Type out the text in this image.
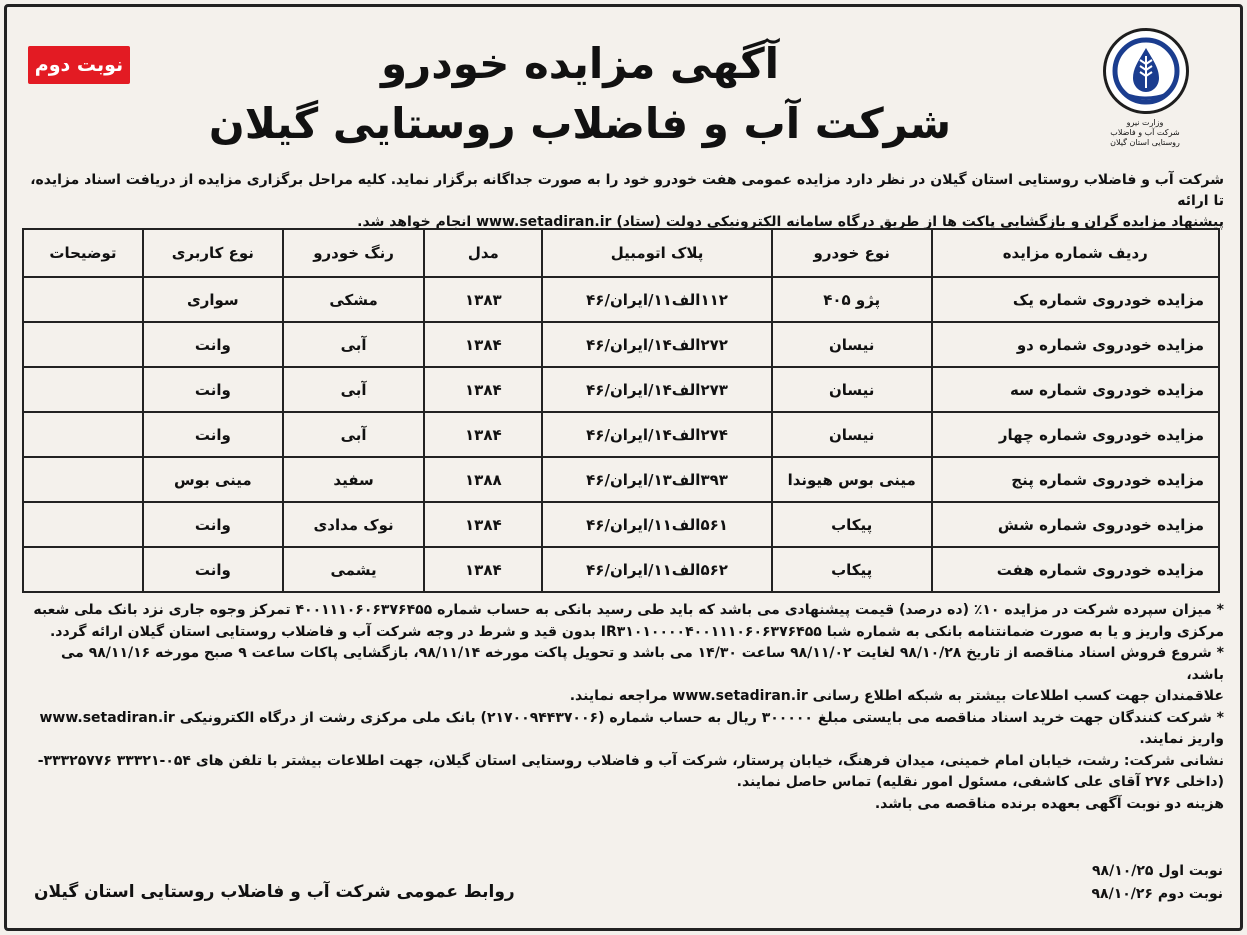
وزارت نیرو
شرکت آب و فاضلاب
روستایی استان گیلان
نوبت دوم	آگهی مزایده خودرو
شرکت آب و فاضلاب روستایی گیلان
شرکت آب و فاضلاب روستایی استان گیلان در نظر دارد مزایده عمومی هفت خودرو خود را به صورت جداگانه برگزار نماید. کلیه مراحل برگزاری مزایده از دریافت اسناد مزایده، تا ارائه
پیشنهاد مزایده گران و بازگشایی پاکت ها از طریق درگاه سامانه الکترونیکی دولت (ستاد) www.setadiran.ir انجام خواهد شد.
ردیف شماره مزایده	نوع خودرو	پلاک اتومبیل	مدل	رنگ خودرو	نوع کاربری	توضیحات
مزایده خودروی شماره یک	پژو ۴۰۵	۱۱۲الف۱۱/ایران/۴۶	۱۳۸۳	مشکی	سواری	
مزایده خودروی شماره دو	نیسان	۲۷۲الف۱۴/ایران/۴۶	۱۳۸۴	آبی	وانت	
مزایده خودروی شماره سه	نیسان	۲۷۳الف۱۴/ایران/۴۶	۱۳۸۴	آبی	وانت	
مزایده خودروی شماره چهار	نیسان	۲۷۴الف۱۴/ایران/۴۶	۱۳۸۴	آبی	وانت	
مزایده خودروی شماره پنج	مینی بوس هیوندا	۳۹۳الف۱۳/ایران/۴۶	۱۳۸۸	سفید	مینی بوس	
مزایده خودروی شماره شش	پیکاب	۵۶۱الف۱۱/ایران/۴۶	۱۳۸۴	نوک مدادی	وانت	
مزایده خودروی شماره هفت	پیکاب	۵۶۲الف۱۱/ایران/۴۶	۱۳۸۴	یشمی	وانت	

* میزان سپرده شرکت در مزایده ۱۰٪ (ده درصد) قیمت پیشنهادی می باشد که باید طی رسید بانکی به حساب شماره ۴۰۰۱۱۱۰۶۰۶۳۷۶۴۵۵ تمرکز وجوه جاری نزد بانک ملی شعبه

مرکزی واریز و یا به صورت ضمانتنامه بانکی به شماره شبا IR۳۱۰۱۰۰۰۰۴۰۰۱۱۱۰۶۰۶۳۷۶۴۵۵ بدون قید و شرط در وجه شرکت آب و فاضلاب روستایی استان گیلان ارائه گردد.

* شروع فروش اسناد مناقصه از تاریخ ۹۸/۱۰/۲۸ لغایت ۹۸/۱۱/۰۲ ساعت ۱۴/۳۰ می باشد و تحویل پاکت مورخه ۹۸/۱۱/۱۴، بازگشایی پاکات ساعت ۹ صبح مورخه ۹۸/۱۱/۱۶ می باشد،

علاقمندان جهت کسب اطلاعات بیشتر به شبکه اطلاع رسانی www.setadiran.ir مراجعه نمایند.

* شرکت کنندگان جهت خرید اسناد مناقصه می بایستی مبلغ ۳۰۰۰۰۰ ریال به حساب شماره (۲۱۷۰۰۹۴۴۳۷۰۰۶) بانک ملی مرکزی رشت از درگاه الکترونیکی www.setadiran.ir

واریز نمایند.

نشانی شرکت: رشت، خیابان امام خمینی، میدان فرهنگ، خیابان پرستار، شرکت آب و فاضلاب روستایی استان گیلان، جهت اطلاعات بیشتر با تلفن های ۰۵۴-۳۳۳۲۱ ۳۳۳۲۵۷۷۶-

(داخلی ۲۷۶ آقای علی کاشفی، مسئول امور نقلیه) تماس حاصل نمایند.

هزینه دو نوبت آگهی بعهده برنده مناقصه می باشد.

نوبت اول ۹۸/۱۰/۲۵
نوبت دوم ۹۸/۱۰/۲۶
روابط عمومی شرکت آب و فاضلاب روستایی استان گیلان
